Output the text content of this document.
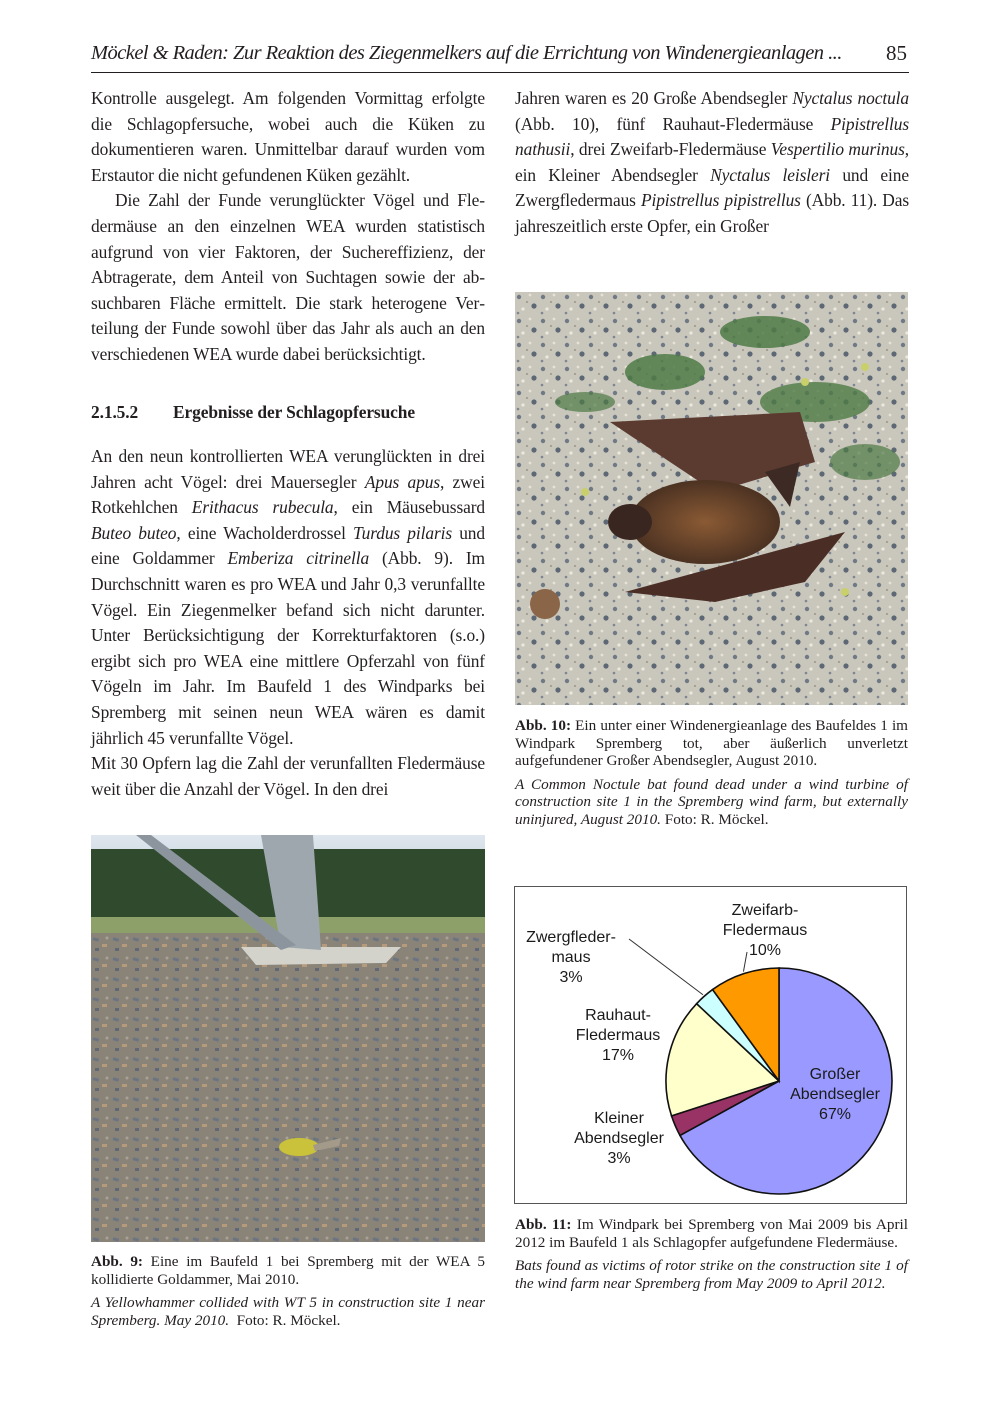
Möckel & Raden: Zur Reaktion des Ziegenmelkers auf die Errichtung von Windenergieanlagen ... 85

Kontrolle ausgelegt. Am folgenden Vormittag erfolgte die Schlagopfersuche, wobei auch die Küken zu dokumentieren waren. Unmittelbar darauf wurden vom Erstautor die nicht gefundenen Küken gezählt.

Die Zahl der Funde verunglückter Vögel und Fledermäuse an den einzelnen WEA wurden statistisch aufgrund von vier Faktoren, der Suchereffizienz, der Abtragerate, dem Anteil von Suchtagen sowie der absuchbaren Fläche ermittelt. Die stark heterogene Verteilung der Funde sowohl über das Jahr als auch an den verschiedenen WEA wurde dabei berücksichtigt.

2.1.5.2 Ergebnisse der Schlagopfersuche

An den neun kontrollierten WEA verunglückten in drei Jahren acht Vögel: drei Mauersegler Apus apus, zwei Rotkehlchen Erithacus rubecula, ein Mäusebussard Buteo buteo, eine Wacholderdrossel Turdus pilaris und eine Goldammer Emberiza citrinella (Abb. 9). Im Durchschnitt waren es pro WEA und Jahr 0,3 verunfallte Vögel. Ein Ziegenmelker befand sich nicht darunter. Unter Berücksichtigung der Korrekturfaktoren (s.o.) ergibt sich pro WEA eine mittlere Opferzahl von fünf Vögeln im Jahr. Im Baufeld 1 des Windparks bei Spremberg mit seinen neun WEA wären es damit jährlich 45 verunfallte Vögel.

Mit 30 Opfern lag die Zahl der verunfallten Fledermäuse weit über die Anzahl der Vögel. In den drei

Jahren waren es 20 Große Abendsegler Nyctalus noctula (Abb. 10), fünf Rauhaut-Fledermäuse Pipistrellus nathusii, drei Zweifarb-Fledermäuse Vespertilio murinus, ein Kleiner Abendsegler Nyctalus leisleri und eine Zwergfledermaus Pipistrellus pipistrellus (Abb. 11). Das jahreszeitlich erste Opfer, ein Großer

Abb. 10: Ein unter einer Windenergieanlage des Baufeldes 1 im Windpark Spremberg tot, aber äußerlich unverletzt aufgefundener Großer Abendsegler, August 2010.
A Common Noctule bat found dead under a wind turbine of construction site 1 in the Spremberg wind farm, but externally uninjured, August 2010. Foto: R. Möckel.
Abb. 9: Eine im Baufeld 1 bei Spremberg mit der WEA 5 kollidierte Goldammer, Mai 2010.
A Yellowhammer collided with WT 5 in construction site 1 near Spremberg. May 2010.  Foto: R. Möckel.
Großer Abendsegler 67%
Kleiner Abendsegler 3%
Rauhaut-Fledermaus 17%
Zwergfleder-maus 3%
Zweifarb-Fledermaus 10%
Abb. 11: Im Windpark bei Spremberg von Mai 2009 bis April 2012 im Baufeld 1 als Schlagopfer aufgefundene Fledermäuse.
Bats found as victims of rotor strike on the construction site 1 of the wind farm near Spremberg from May 2009 to April 2012.
